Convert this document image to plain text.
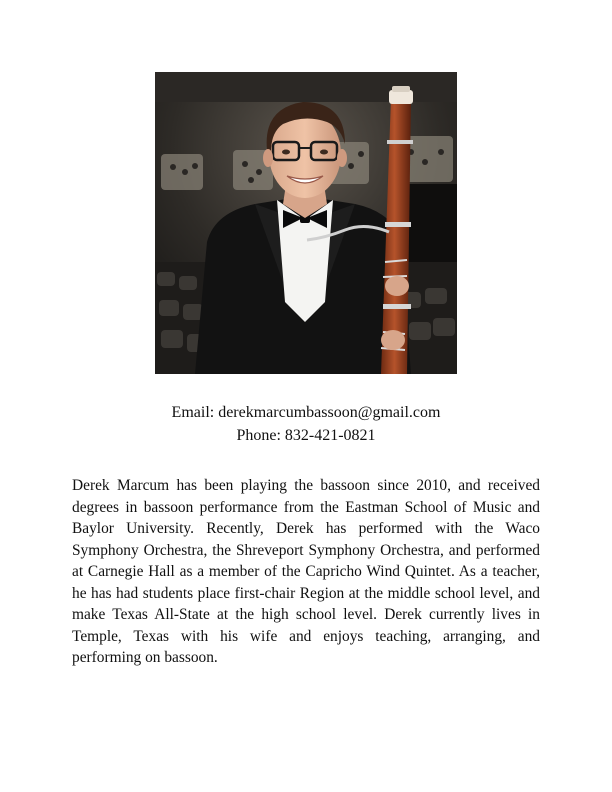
Email: derekmarcumbassoon@gmail.com
Phone: 832-421-0821

Derek Marcum has been playing the bassoon since 2010, and received degrees in bassoon performance from the Eastman School of Music and Baylor University. Recently, Derek has performed with the Waco Symphony Orchestra, the Shreveport Symphony Orchestra, and performed at Carnegie Hall as a member of the Capricho Wind Quintet. As a teacher, he has had students place first-chair Region at the middle school level, and make Texas All-State at the high school level. Derek currently lives in Temple, Texas with his wife and enjoys teaching, arranging, and performing on bassoon.
